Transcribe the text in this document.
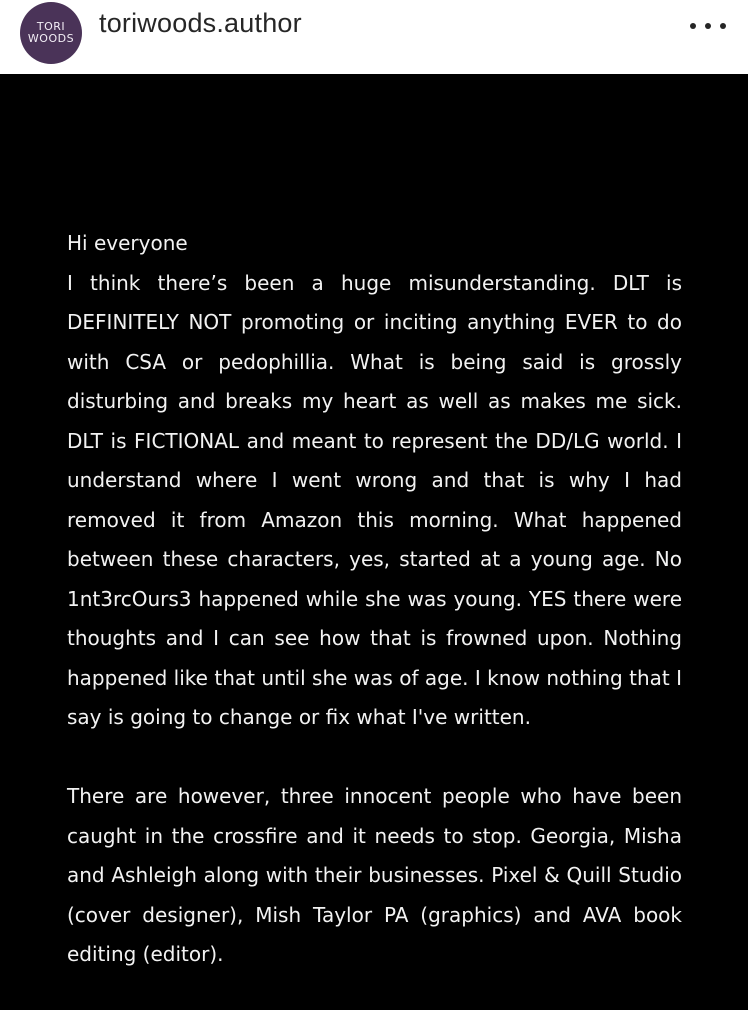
TORI
WOODS
toriwoods.author
Hi everyone

I think there’s been a huge misunderstanding. DLT is DEFINITELY NOT promoting or inciting anything EVER to do with CSA or pedophillia. What is being said is grossly disturbing and breaks my heart as well as makes me sick. DLT is FICTIONAL and meant to represent the DD/LG world. I understand where I went wrong and that is why I had removed it from Amazon this morning. What happened between these characters, yes, started at a young age. No 1nt3rcOurs3 happened while she was young. YES there were thoughts and I can see how that is frowned upon. Nothing happened like that until she was of age. I know nothing that I say is going to change or fix what I've written.

There are however, three innocent people who have been caught in the crossfire and it needs to stop. Georgia, Misha and Ashleigh along with their businesses. Pixel & Quill Studio (cover designer), Mish Taylor PA (graphics) and AVA book editing (editor).
